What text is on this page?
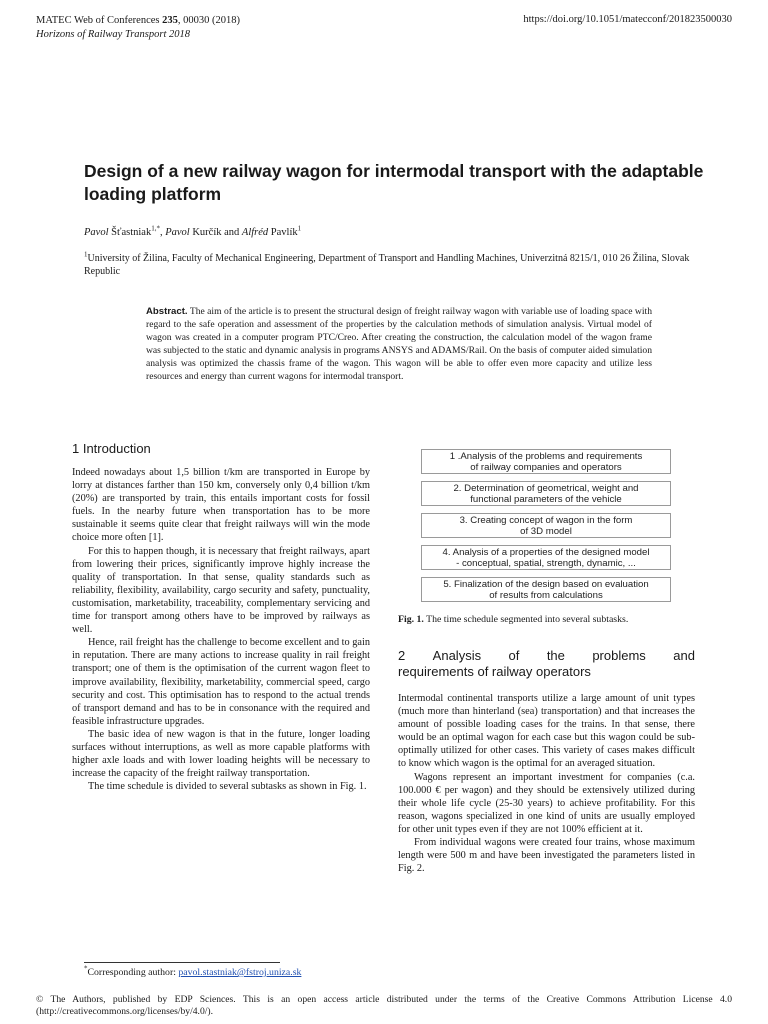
MATEC Web of Conferences 235, 00030 (2018)
Horizons of Railway Transport 2018
https://doi.org/10.1051/matecconf/201823500030
Design of a new railway wagon for intermodal transport with the adaptable loading platform
Pavol Šťastniak$^{1,*}$, Pavol Kurčík and Alfréd Pavlík$^1$
$^1$University of Žilina, Faculty of Mechanical Engineering, Department of Transport and Handling Machines, Univerzitná 8215/1, 010 26 Žilina, Slovak Republic
Abstract. The aim of the article is to present the structural design of freight railway wagon with variable use of loading space with regard to the safe operation and assessment of the properties by the calculation methods of simulation analysis. Virtual model of wagon was created in a computer program PTC/Creo. After creating the construction, the calculation model of the wagon frame was subjected to the static and dynamic analysis in programs ANSYS and ADAMS/Rail. On the basis of computer aided simulation analysis was optimized the chassis frame of the wagon. This wagon will be able to offer even more capacity and utilize less resources and energy than current wagons for intermodal transport.
1 Introduction

Indeed nowadays about 1,5 billion t/km are transported in Europe by lorry at distances farther than 150 km, conversely only 0,4 billion t/km (20%) are transported by train, this entails important costs for fossil fuels. In the nearby future when transportation has to be more sustainable it seems quite clear that freight railways will win the mode choice more often [1].

For this to happen though, it is necessary that freight railways, apart from lowering their prices, significantly improve highly increase the quality of transportation. In that sense, quality standards such as reliability, flexibility, availability, cargo security and safety, punctuality, customisation, marketability, traceability, complementary servicing and time for transport among others have to be improved by railways as well.

Hence, rail freight has the challenge to become excellent and to gain in reputation. There are many actions to increase quality in rail freight transport; one of them is the optimisation of the current wagon fleet to improve availability, flexibility, marketability, commercial speed, cargo security and cost. This optimisation has to respond to the actual trends of transport demand and has to be in consonance with the required and feasible infrastructure upgrades.

The basic idea of new wagon is that in the future, longer loading surfaces without interruptions, as well as more capable platforms with higher axle loads and with lower loading heights will be necessary to increase the capacity of the freight railway transportation.

The time schedule is divided to several subtasks as shown in Fig. 1.

1 .Analysis of the problems and requirements
of railway companies and operators
2. Determination of geometrical, weight and
functional parameters of the vehicle
3. Creating concept of wagon in the form
of 3D model
4. Analysis of a properties of the designed model
- conceptual, spatial, strength, dynamic, ...
5. Finalization of the design based on evaluation
of results from calculations
Fig. 1. The time schedule segmented into several subtasks.
2 Analysis of the problems and
requirements of railway operators

Intermodal continental transports utilize a large amount of unit types (much more than hinterland (sea) transportation) and that increases the amount of possible loading cases for the trains. In that sense, there would be an optimal wagon for each case but this wagon could be sub-optimally utilized for other cases. This variety of cases makes difficult to know which wagon is the optimal for an averaged situation.

Wagons represent an important investment for companies (c.a. 100.000 € per wagon) and they should be extensively utilized during their whole life cycle (25-30 years) to achieve profitability. For this reason, wagons specialized in one kind of units are usually employed for other unit types even if they are not 100% efficient at it.

From individual wagons were created four trains, whose maximum length were 500 m and have been investigated the parameters listed in Fig. 2.

*Corresponding author: pavol.stastniak@fstroj.uniza.sk
© The Authors, published by EDP Sciences. This is an open access article distributed under the terms of the Creative Commons Attribution License 4.0 (http://creativecommons.org/licenses/by/4.0/).
